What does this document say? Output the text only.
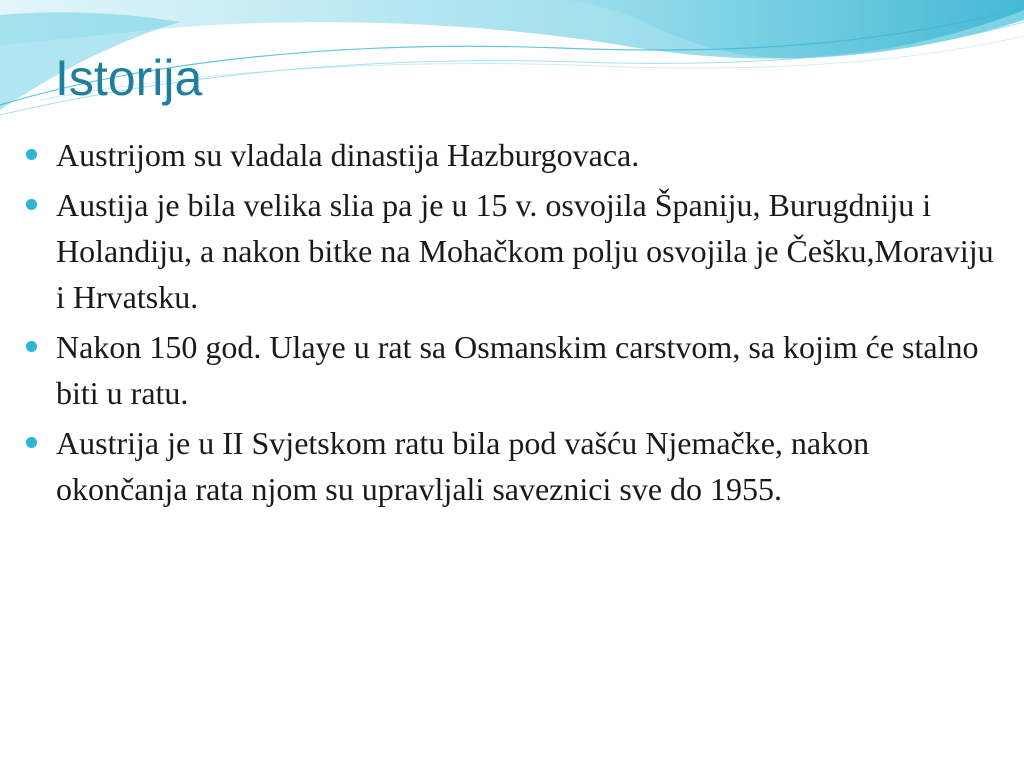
Istorija
Austrijom su vladala dinastija Hazburgovaca.
Austija je bila velika slia pa je u 15 v. osvojila Španiju, Burugdniju i Holandiju, a nakon bitke na Mohačkom polju osvojila je Češku,Moraviju i Hrvatsku.
Nakon 150 god. Ulaye u rat sa Osmanskim carstvom, sa kojim će stalno biti u ratu.
Austrija je u II Svjetskom ratu bila pod vašću Njemačke, nakon okončanja rata njom su upravljali saveznici sve do 1955.
